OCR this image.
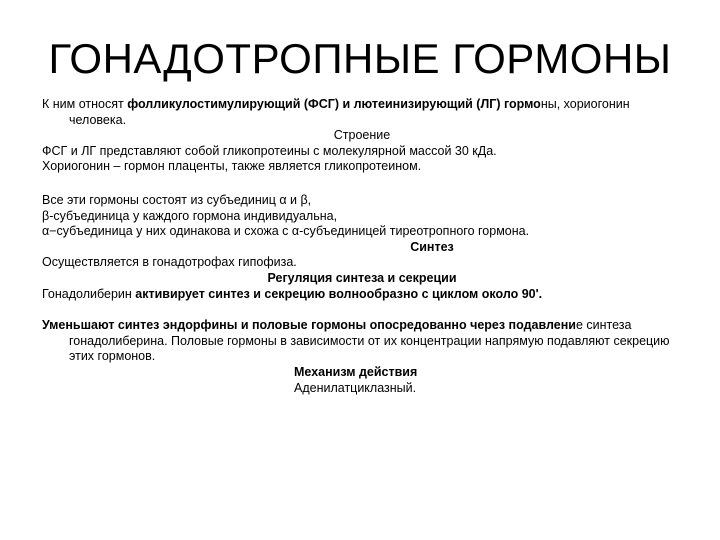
ГОНАДОТРОПНЫЕ ГОРМОНЫ

К ним относят фолликулостимулирующий (ФСГ) и лютеинизирующий (ЛГ) гормоны, хориогонин человека.

Строение

ФСГ и ЛГ представляют собой гликопротеины с молекулярной массой 30 кДа.

Хориогонин – гормон плаценты, также является гликопротеином.

Все эти гормоны состоят из субъединиц α и β,

β-субъединица у каждого гормона индивидуальна,

α−субъединица у них одинакова и схожа с α-субъединицей тиреотропного гормона.

Синтез

Осуществляется в гонадотрофах гипофиза.

Регуляция синтеза и секреции

Гонадолиберин активирует синтез и секрецию волнообразно с циклом около 90'.

Уменьшают синтез эндорфины и половые гормоны опосредованно через подавление синтеза гонадолиберина. Половые гормоны в зависимости от их концентрации напрямую подавляют секрецию этих гормонов.

Механизм действия

Аденилатциклазный.
